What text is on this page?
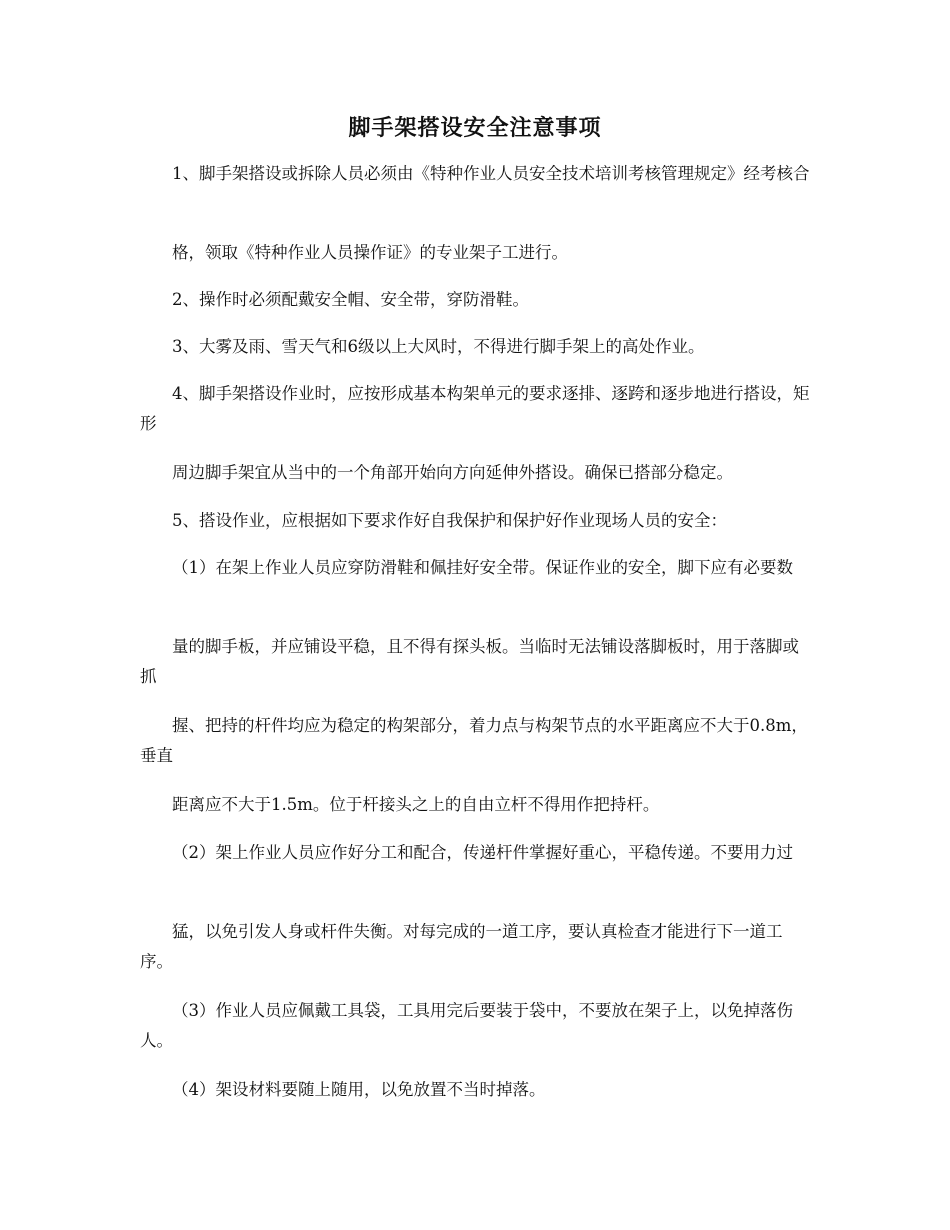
脚手架搭设安全注意事项

1、脚手架搭设或拆除人员必须由《特种作业人员安全技术培训考核管理规定》经考核合

格，领取《特种作业人员操作证》的专业架子工进行。

2、操作时必须配戴安全帽、安全带，穿防滑鞋。

3、大雾及雨、雪天气和6级以上大风时，不得进行脚手架上的高处作业。

4、脚手架搭设作业时，应按形成基本构架单元的要求逐排、逐跨和逐步地进行搭设，矩形

周边脚手架宜从当中的一个角部开始向方向延伸外搭设。确保已搭部分稳定。

5、搭设作业，应根据如下要求作好自我保护和保护好作业现场人员的安全：

（1）在架上作业人员应穿防滑鞋和佩挂好安全带。保证作业的安全，脚下应有必要数

量的脚手板，并应铺设平稳，且不得有探头板。当临时无法铺设落脚板时，用于落脚或抓

握、把持的杆件均应为稳定的构架部分，着力点与构架节点的水平距离应不大于0.8m，垂直

距离应不大于1.5m。位于杆接头之上的自由立杆不得用作把持杆。

（2）架上作业人员应作好分工和配合，传递杆件掌握好重心，平稳传递。不要用力过

猛，以免引发人身或杆件失衡。对每完成的一道工序，要认真检查才能进行下一道工序。

（3）作业人员应佩戴工具袋，工具用完后要装于袋中，不要放在架子上，以免掉落伤人。

（4）架设材料要随上随用，以免放置不当时掉落。
